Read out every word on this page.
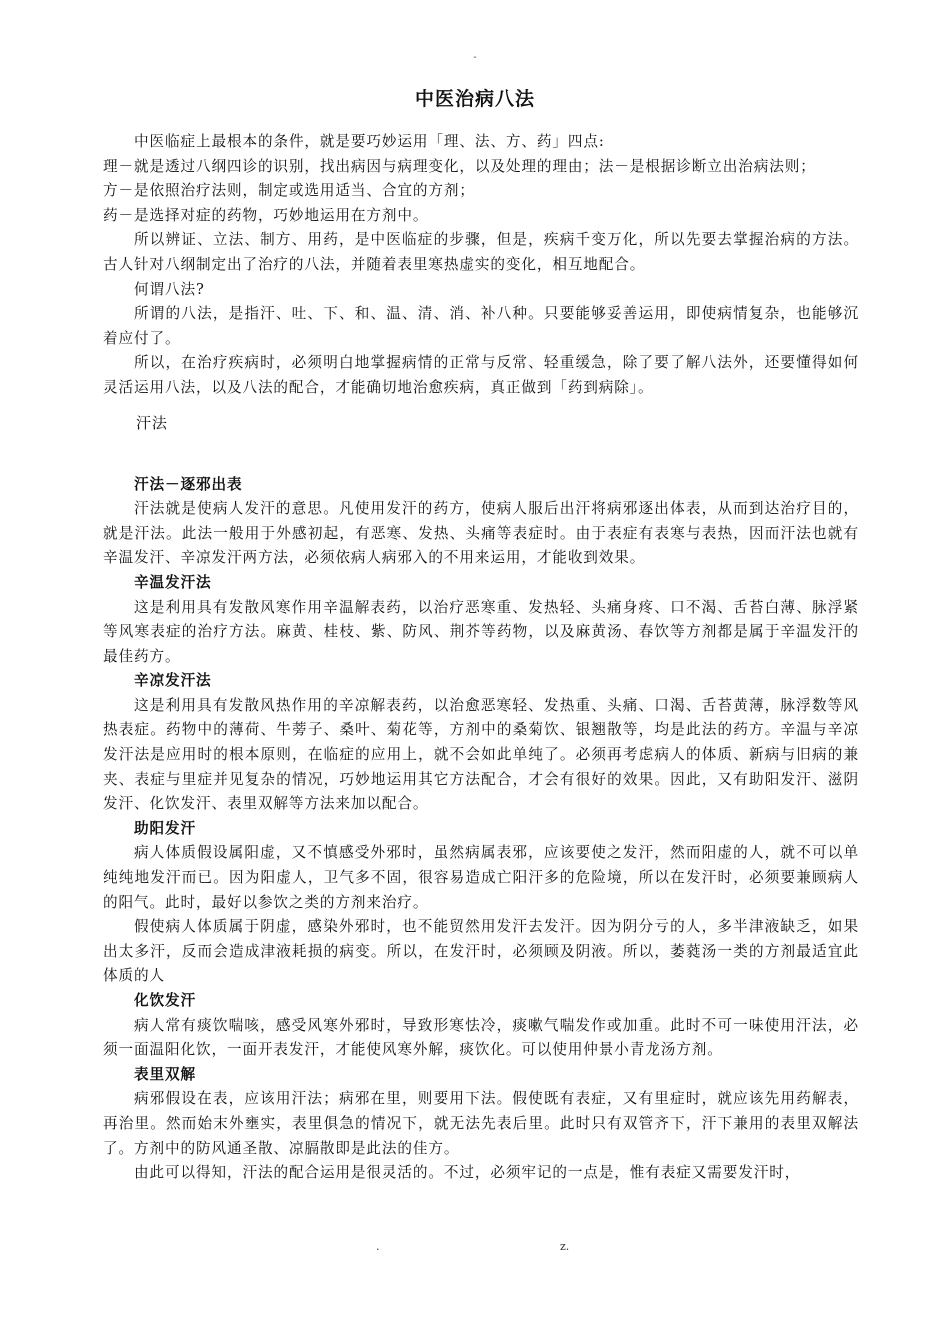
-
中医治病八法

中医临症上最根本的条件，就是要巧妙运用「理、法、方、药」四点:

理－就是透过八纲四诊的识别，找出病因与病理变化，以及处理的理由；法－是根据诊断立出治病法则；

方－是依照治疗法则，制定或选用适当、合宜的方剂；

药－是选择对症的药物，巧妙地运用在方剂中。

所以辨证、立法、制方、用药，是中医临症的步骤，但是，疾病千变万化，所以先要去掌握治病的方法。古人针对八纲制定出了治疗的八法，并随着表里寒热虚实的变化，相互地配合。

何谓八法?

所谓的八法，是指汗、吐、下、和、温、清、消、补八种。只要能够妥善运用，即使病情复杂，也能够沉着应付了。

所以，在治疗疾病时，必须明白地掌握病情的正常与反常、轻重缓急，除了要了解八法外，还要懂得如何灵活运用八法，以及八法的配合，才能确切地治愈疾病，真正做到「药到病除」。

汗法

汗法－逐邪出表

汗法就是使病人发汗的意思。凡使用发汗的药方，使病人服后出汗将病邪逐出体表，从而到达治疗目的，就是汗法。此法一般用于外感初起，有恶寒、发热、头痛等表症时。由于表症有表寒与表热，因而汗法也就有辛温发汗、辛凉发汗两方法，必须依病人病邪入的不用来运用，才能收到效果。

辛温发汗法

这是利用具有发散风寒作用辛温解表药，以治疗恶寒重、发热轻、头痛身疼、口不渴、舌苔白薄、脉浮紧等风寒表症的治疗方法。麻黄、桂枝、紫、防风、荆芥等药物，以及麻黄汤、春饮等方剂都是属于辛温发汗的最佳药方。

辛凉发汗法

这是利用具有发散风热作用的辛凉解表药，以治愈恶寒轻、发热重、头痛、口渴、舌苔黄薄，脉浮数等风热表症。药物中的薄荷、牛蒡子、桑叶、菊花等，方剂中的桑菊饮、银翘散等，均是此法的药方。辛温与辛凉发汗法是应用时的根本原则，在临症的应用上，就不会如此单纯了。必须再考虑病人的体质、新病与旧病的兼夹、表症与里症并见复杂的情况，巧妙地运用其它方法配合，才会有很好的效果。因此，又有助阳发汗、滋阴发汗、化饮发汗、表里双解等方法来加以配合。

助阳发汗

病人体质假设属阳虚，又不慎感受外邪时，虽然病属表邪，应该要使之发汗，然而阳虚的人，就不可以单纯纯地发汗而已。因为阳虚人，卫气多不固，很容易造成亡阳汗多的危险境，所以在发汗时，必须要兼顾病人的阳气。此时，最好以参饮之类的方剂来治疗。

假使病人体质属于阴虚，感染外邪时，也不能贸然用发汗去发汗。因为阴分亏的人，多半津液缺乏，如果出太多汗，反而会造成津液耗损的病变。所以，在发汗时，必须顾及阴液。所以，萎蕤汤一类的方剂最适宜此体质的人

化饮发汗

病人常有痰饮喘咳，感受风寒外邪时，导致形寒怯冷，痰嗽气喘发作或加重。此时不可一味使用汗法，必须一面温阳化饮，一面开表发汗，才能使风寒外解，痰饮化。可以使用仲景小青龙汤方剂。

表里双解

病邪假设在表，应该用汗法；病邪在里，则要用下法。假使既有表症，又有里症时，就应该先用药解表，再治里。然而始末外壅实，表里俱急的情况下，就无法先表后里。此时只有双管齐下，汗下兼用的表里双解法了。方剂中的防风通圣散、凉膈散即是此法的佳方。

由此可以得知，汗法的配合运用是很灵活的。不过，必须牢记的一点是，惟有表症又需要发汗时，

.	z.
